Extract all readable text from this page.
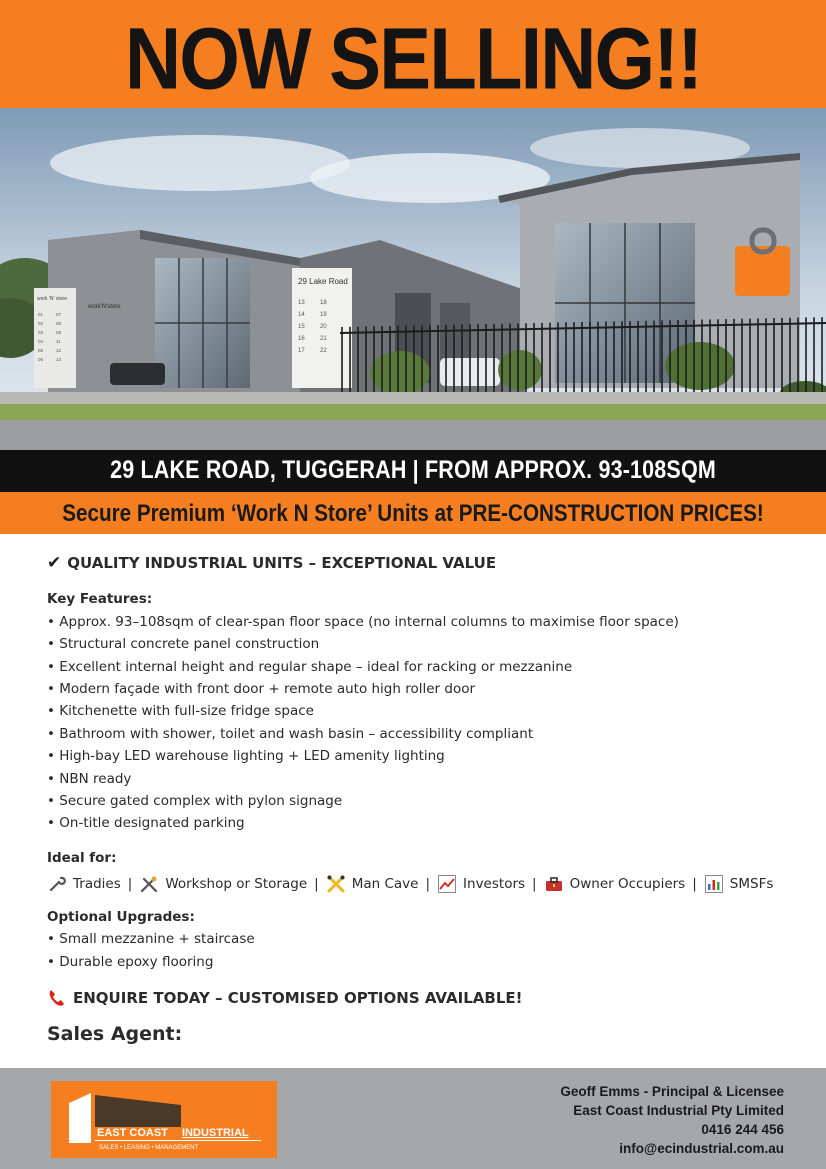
NOW SELLING!!
29 Lake Road
13
14
15
16
17
18
19
20
21
22
work 'N' store
01
02
03
04
05
06
07
08
09
11
12
13
work'N'store
29 LAKE ROAD, TUGGERAH | FROM APPROX. 93-108SQM
Secure Premium ‘Work N Store’ Units at PRE-CONSTRUCTION PRICES!
✔ QUALITY INDUSTRIAL UNITS – EXCEPTIONAL VALUE
Key Features:
• Approx. 93–108sqm of clear-span floor space (no internal columns to maximise floor space)
• Structural concrete panel construction
• Excellent internal height and regular shape – ideal for racking or mezzanine
• Modern façade with front door + remote auto high roller door
• Kitchenette with full-size fridge space
• Bathroom with shower, toilet and wash basin – accessibility compliant
• High-bay LED warehouse lighting + LED amenity lighting
• NBN ready
• Secure gated complex with pylon signage
• On-title designated parking
Ideal for:
Tradies | Workshop or Storage | Man Cave | Investors | Owner Occupiers | SMSFs
Optional Upgrades:
• Small mezzanine + staircase
• Durable epoxy flooring
ENQUIRE TODAY – CUSTOMISED OPTIONS AVAILABLE!
Sales Agent:
EAST COAST INDUSTRIAL
SALES • LEASING • MANAGEMENT
Geoff Emms - Principal & Licensee
East Coast Industrial Pty Limited
0416 244 456
info@ecindustrial.com.au
